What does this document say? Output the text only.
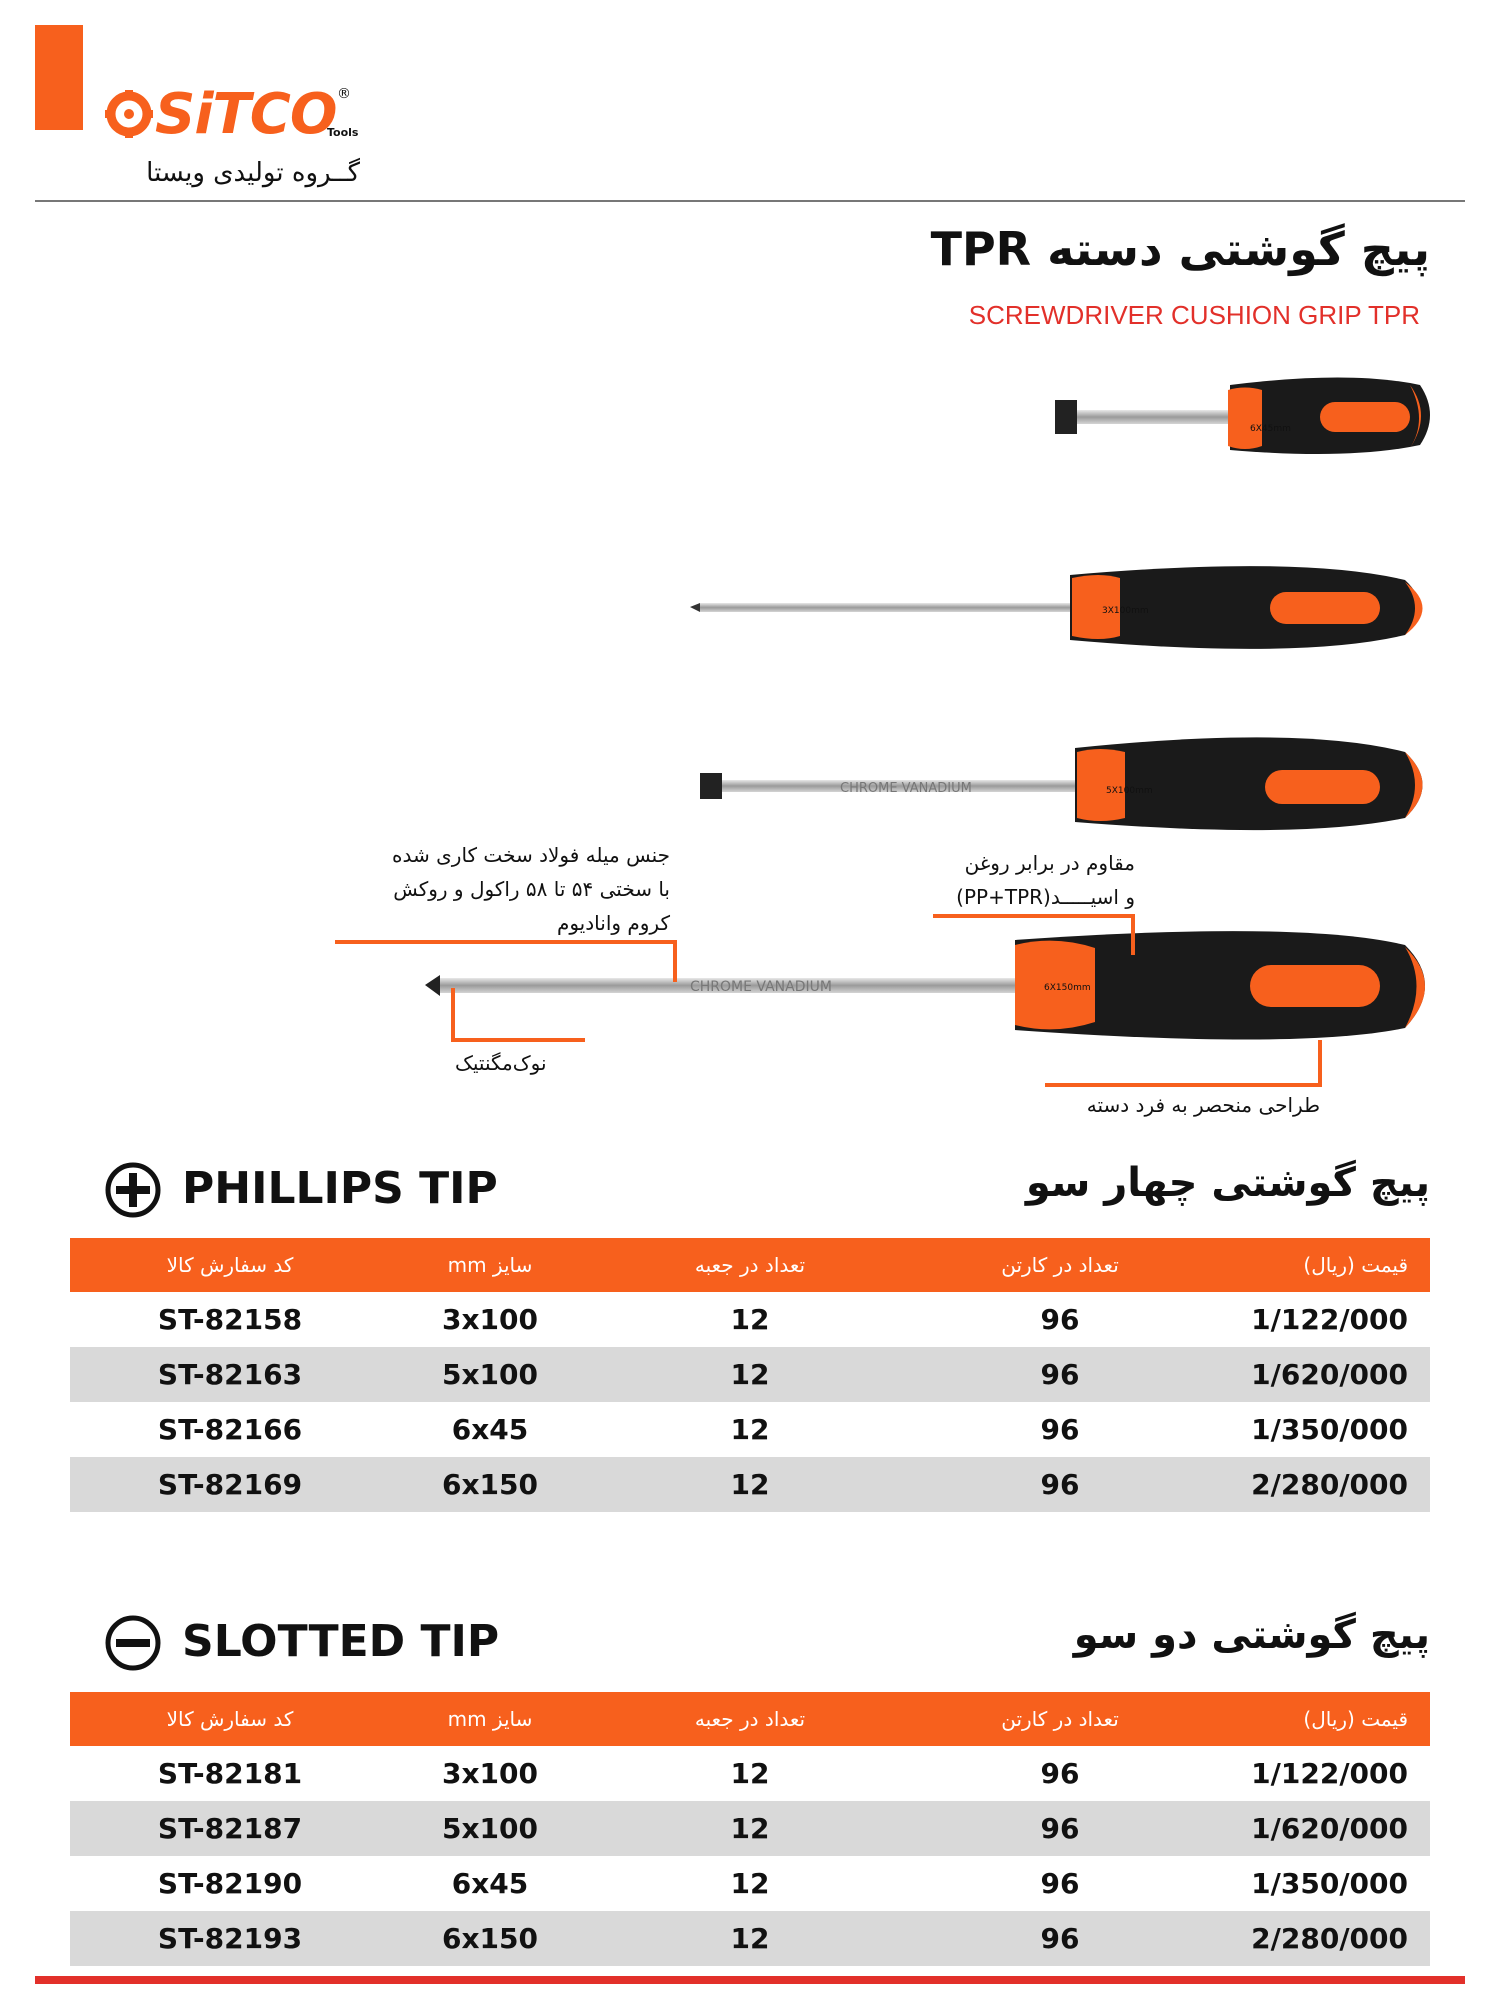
SiTCO ®
Tools
گــروه تولیدی ویستا
پیچ گوشتی دسته TPR
SCREWDRIVER CUSHION GRIP TPR
6X45mm
3X100mm
CHROME VANADIUM	5X100mm
CHROME VANADIUM	6X150mm
جنس میله فولاد سخت کاری شده
با سختی ۵۴ تا ۵۸ راکول و روکش
کروم واناديوم
مقاوم در برابر روغن
و اسیـــــد(PP+TPR)
نوک‌مگنتیک
طراحی منحصر به فرد دسته
PHILLIPS TIP	پیچ گوشتی چهار سو
کد سفارش کالا	سایز mm	تعداد در جعبه	تعداد در کارتن	قیمت (ریال)
ST-82158	3x100	12	96	1/122/000
ST-82163	5x100	12	96	1/620/000
ST-82166	6x45	12	96	1/350/000
ST-82169	6x150	12	96	2/280/000
SLOTTED TIP	پیچ گوشتی دو سو
کد سفارش کالا	سایز mm	تعداد در جعبه	تعداد در کارتن	قیمت (ریال)
ST-82181	3x100	12	96	1/122/000
ST-82187	5x100	12	96	1/620/000
ST-82190	6x45	12	96	1/350/000
ST-82193	6x150	12	96	2/280/000
